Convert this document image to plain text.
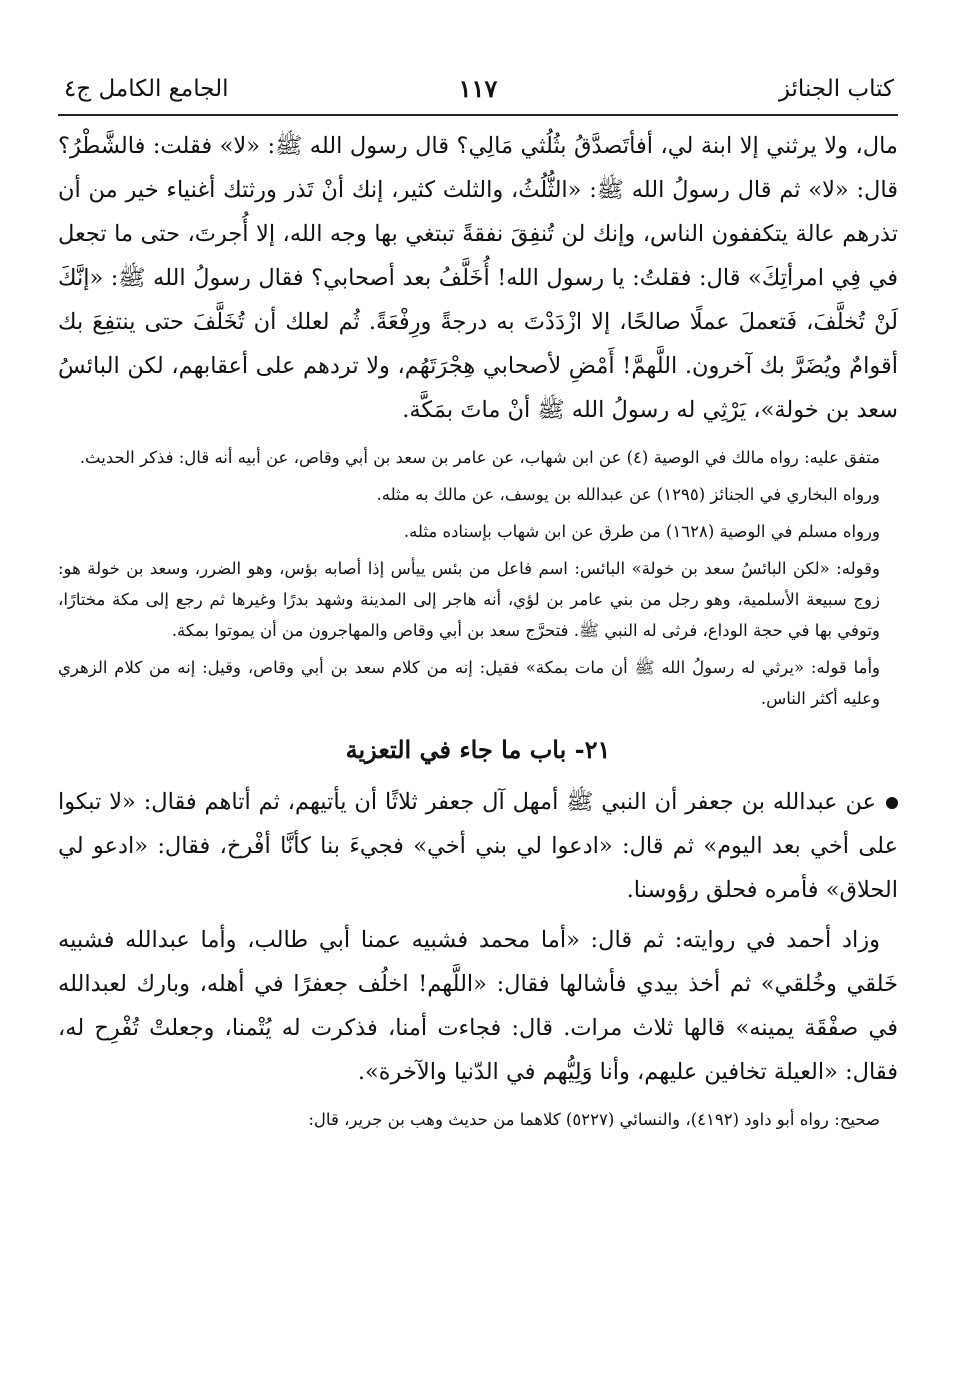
كتاب الجنائز
١١٧
الجامع الكامل ج٤

مال، ولا يرثني إلا ابنة لي، أفأتَصدَّقُ بثُلُثي مَالِي؟ قال رسول الله ﷺ: «لا» فقلت: فالشَّطْرُ؟ قال: «لا» ثم قال رسولُ الله ﷺ: «الثُّلُثُ، والثلث كثير، إنك أنْ تَذر ورثتك أغنياء خير من أن تذرهم عالة يتكففون الناس، وإنك لن تُنفِقَ نفقةً تبتغي بها وجه الله، إلا أُجرتَ، حتى ما تجعل في فِي امرأتِكَ» قال: فقلتُ: يا رسول الله! أُخَلَّفُ بعد أصحابي؟ فقال رسولُ الله ﷺ: «إنَّكَ لَنْ تُخلَّفَ، فَتعملَ عملًا صالحًا، إلا ازْدَدْتَ به درجةً ورِفْعَةً. ثُم لعلك أن تُخَلَّفَ حتى ينتفِعَ بك أقوامٌ ويُضَرَّ بك آخرون. اللَّهمَّ! أَمْضِ لأصحابي هِجْرَتَهُم، ولا تردهم على أعقابهم، لكن البائسُ سعد بن خولة»، يَرْثِي له رسولُ الله ﷺ أنْ ماتَ بمَكَّة.

متفق عليه: رواه مالك في الوصية (٤) عن ابن شهاب، عن عامر بن سعد بن أبي وقاص، عن أبيه أنه قال: فذكر الحديث.

ورواه البخاري في الجنائز (١٢٩٥) عن عبدالله بن يوسف، عن مالك به مثله.

ورواه مسلم في الوصية (١٦٢٨) من طرق عن ابن شهاب بإسناده مثله.

وقوله: «لكن البائسُ سعد بن خولة» البائس: اسم فاعل من بئس ييأس إذا أصابه بؤس، وهو الضرر، وسعد بن خولة هو: زوج سبيعة الأسلمية، وهو رجل من بني عامر بن لؤي، أنه هاجر إلى المدينة وشهد بدرًا وغيرها ثم رجع إلى مكة مختارًا، وتوفي بها في حجة الوداع، فرثى له النبي ﷺ. فتحرَّج سعد بن أبي وقاص والمهاجرون من أن يموتوا بمكة.

وأما قوله: «يرثي له رسولُ الله ﷺ أن مات بمكة» فقيل: إنه من كلام سعد بن أبي وقاص، وقيل: إنه من كلام الزهري وعليه أكثر الناس.

٢١- باب ما جاء في التعزية

عن عبدالله بن جعفر أن النبي ﷺ أمهل آل جعفر ثلاثًا أن يأتيهم، ثم أتاهم فقال: «لا تبكوا على أخي بعد اليوم» ثم قال: «ادعوا لي بني أخي» فجيءَ بنا كأنَّا أفْرخ، فقال: «ادعو لي الحلاق» فأمره فحلق رؤوسنا.

وزاد أحمد في روايته: ثم قال: «أما محمد فشبيه عمنا أبي طالب، وأما عبدالله فشبيه خَلقي وخُلقي» ثم أخذ بيدي فأشالها فقال: «اللَّهم! اخلُف جعفرًا في أهله، وبارك لعبدالله في صفْقَة يمينه» قالها ثلاث مرات. قال: فجاءت أمنا، فذكرت له يُتْمنا، وجعلتْ تُفْرِح له، فقال: «العيلة تخافين عليهم، وأنا وَلِيُّهم في الدّنيا والآخرة».

صحيح: رواه أبو داود (٤١٩٢)، والنسائي (٥٢٢٧) كلاهما من حديث وهب بن جرير، قال:
